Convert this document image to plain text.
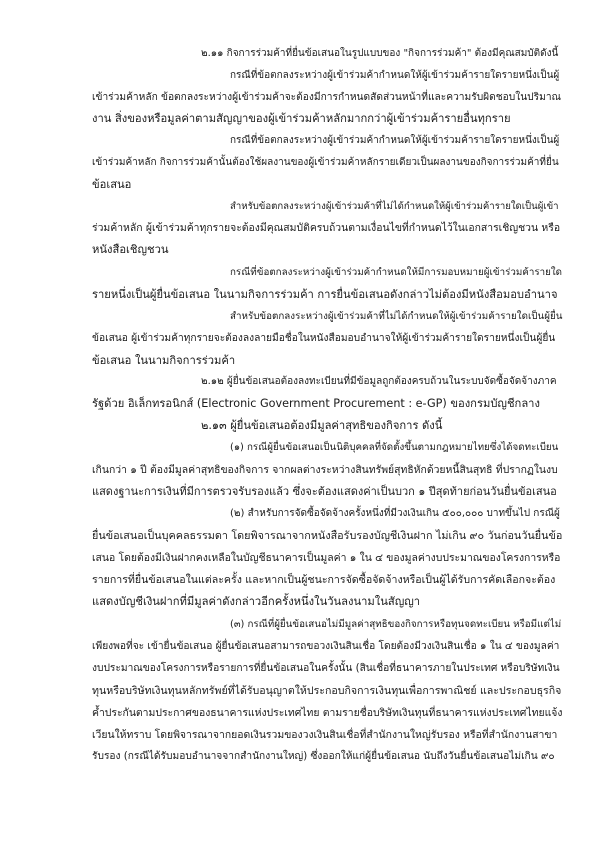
๒.๑๑ กิจการร่วมค้าที่ยื่นข้อเสนอในรูปแบบของ "กิจการร่วมค้า" ต้องมีคุณสมบัติดังนี้
กรณีที่ข้อตกลงระหว่างผู้เข้าร่วมค้ากำหนดให้ผู้เข้าร่วมค้ารายใดรายหนึ่งเป็นผู้
เข้าร่วมค้าหลัก ข้อตกลงระหว่างผู้เข้าร่วมค้าจะต้องมีการกำหนดสัดส่วนหน้าที่และความรับผิดชอบในปริมาณ
งาน สิ่งของหรือมูลค่าตามสัญญาของผู้เข้าร่วมค้าหลักมากกว่าผู้เข้าร่วมค้ารายอื่นทุกราย
กรณีที่ข้อตกลงระหว่างผู้เข้าร่วมค้ากำหนดให้ผู้เข้าร่วมค้ารายใดรายหนึ่งเป็นผู้
เข้าร่วมค้าหลัก กิจการร่วมค้านั้นต้องใช้ผลงานของผู้เข้าร่วมค้าหลักรายเดียวเป็นผลงานของกิจการร่วมค้าที่ยื่น
ข้อเสนอ
สำหรับข้อตกลงระหว่างผู้เข้าร่วมค้าที่ไม่ได้กำหนดให้ผู้เข้าร่วมค้ารายใดเป็นผู้เข้า
ร่วมค้าหลัก ผู้เข้าร่วมค้าทุกรายจะต้องมีคุณสมบัติครบถ้วนตามเงื่อนไขที่กำหนดไว้ในเอกสารเชิญชวน หรือ
หนังสือเชิญชวน
กรณีที่ข้อตกลงระหว่างผู้เข้าร่วมค้ากำหนดให้มีการมอบหมายผู้เข้าร่วมค้ารายใด
รายหนึ่งเป็นผู้ยื่นข้อเสนอ ในนามกิจการร่วมค้า การยื่นข้อเสนอดังกล่าวไม่ต้องมีหนังสือมอบอำนาจ
สำหรับข้อตกลงระหว่างผู้เข้าร่วมค้าที่ไม่ได้กำหนดให้ผู้เข้าร่วมค้ารายใดเป็นผู้ยื่น
ข้อเสนอ ผู้เข้าร่วมค้าทุกรายจะต้องลงลายมือชื่อในหนังสือมอบอำนาจให้ผู้เข้าร่วมค้ารายใดรายหนึ่งเป็นผู้ยื่น
ข้อเสนอ ในนามกิจการร่วมค้า
๒.๑๒ ผู้ยื่นข้อเสนอต้องลงทะเบียนที่มีข้อมูลถูกต้องครบถ้วนในระบบจัดซื้อจัดจ้างภาค
รัฐด้วย อิเล็กทรอนิกส์ (Electronic Government Procurement : e-GP) ของกรมบัญชีกลาง
๒.๑๓ ผู้ยื่นข้อเสนอต้องมีมูลค่าสุทธิของกิจการ ดังนี้
(๑) กรณีผู้ยื่นข้อเสนอเป็นนิติบุคคลที่จัดตั้งขึ้นตามกฎหมายไทยซึ่งได้จดทะเบียน
เกินกว่า ๑ ปี ต้องมีมูลค่าสุทธิของกิจการ จากผลต่างระหว่างสินทรัพย์สุทธิหักด้วยหนี้สินสุทธิ ที่ปรากฏในงบ
แสดงฐานะการเงินที่มีการตรวจรับรองแล้ว ซึ่งจะต้องแสดงค่าเป็นบวก ๑ ปีสุดท้ายก่อนวันยื่นข้อเสนอ
(๒) สำหรับการจัดซื้อจัดจ้างครั้งหนึ่งที่มีวงเงินเกิน ๕๐๐,๐๐๐ บาทขึ้นไป กรณีผู้
ยื่นข้อเสนอเป็นบุคคลธรรมดา โดยพิจารณาจากหนังสือรับรองบัญชีเงินฝาก ไม่เกิน ๙๐ วันก่อนวันยื่นข้อ
เสนอ โดยต้องมีเงินฝากคงเหลือในบัญชีธนาคารเป็นมูลค่า ๑ ใน ๔ ของมูลค่างบประมาณของโครงการหรือ
รายการที่ยื่นข้อเสนอในแต่ละครั้ง และหากเป็นผู้ชนะการจัดซื้อจัดจ้างหรือเป็นผู้ได้รับการคัดเลือกจะต้อง
แสดงบัญชีเงินฝากที่มีมูลค่าดังกล่าวอีกครั้งหนึ่งในวันลงนามในสัญญา
(๓) กรณีที่ผู้ยื่นข้อเสนอไม่มีมูลค่าสุทธิของกิจการหรือทุนจดทะเบียน หรือมีแต่ไม่
เพียงพอที่จะ เข้ายื่นข้อเสนอ ผู้ยื่นข้อเสนอสามารถขอวงเงินสินเชื่อ โดยต้องมีวงเงินสินเชื่อ ๑ ใน ๔ ของมูลค่า
งบประมาณของโครงการหรือรายการที่ยื่นข้อเสนอในครั้งนั้น (สินเชื่อที่ธนาคารภายในประเทศ หรือบริษัทเงิน
ทุนหรือบริษัทเงินทุนหลักทรัพย์ที่ได้รับอนุญาตให้ประกอบกิจการเงินทุนเพื่อการพาณิชย์ และประกอบธุรกิจ
ค้ำประกันตามประกาศของธนาคารแห่งประเทศไทย ตามรายชื่อบริษัทเงินทุนที่ธนาคารแห่งประเทศไทยแจ้ง
เวียนให้ทราบ โดยพิจารณาจากยอดเงินรวมของวงเงินสินเชื่อที่สำนักงานใหญ่รับรอง หรือที่สำนักงานสาขา
รับรอง (กรณีได้รับมอบอำนาจจากสำนักงานใหญ่) ซึ่งออกให้แก่ผู้ยื่นข้อเสนอ นับถึงวันยื่นข้อเสนอไม่เกิน ๙๐
